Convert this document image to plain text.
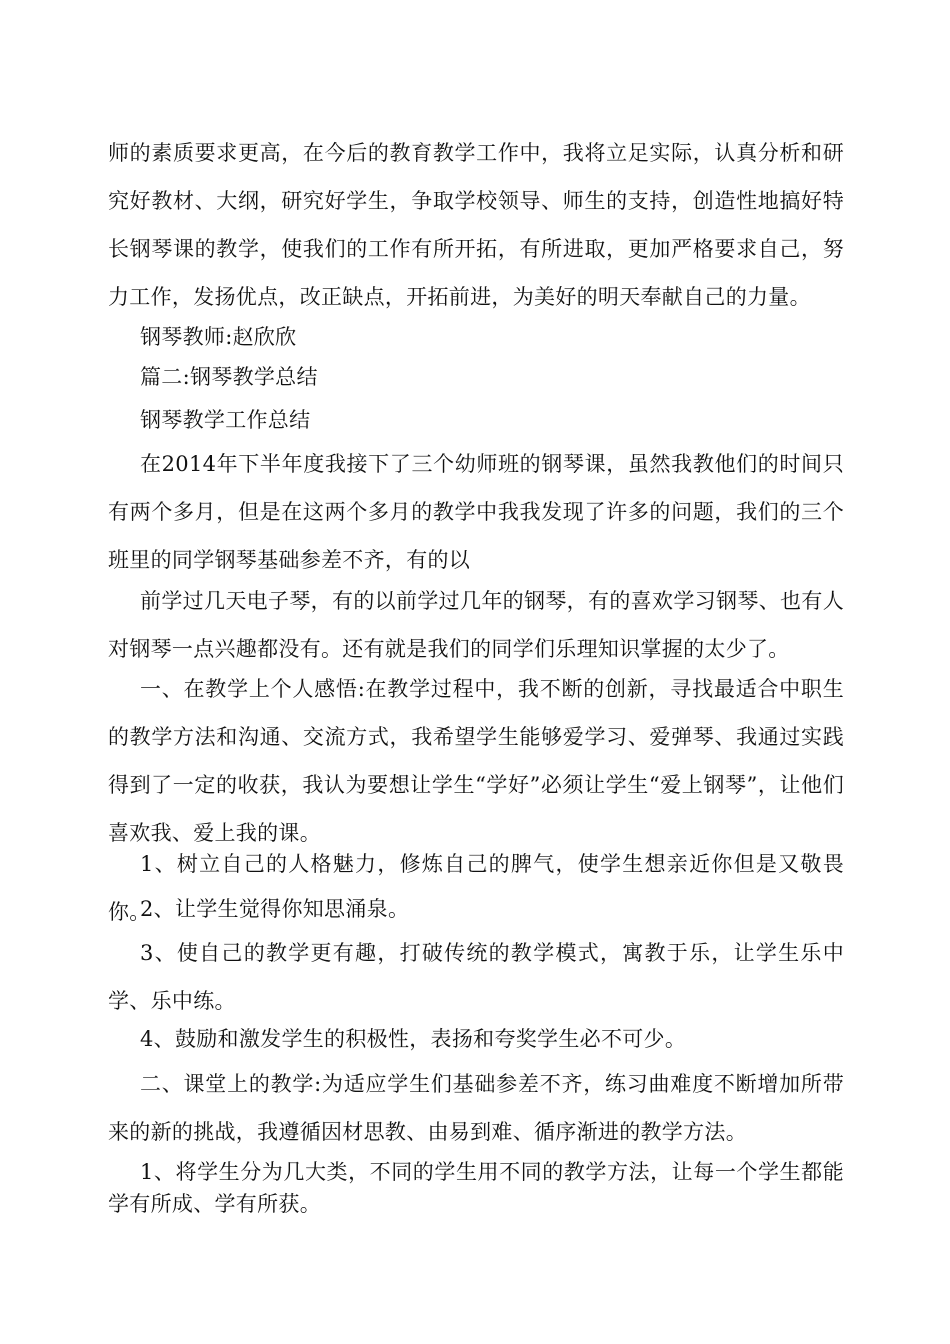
师的素质要求更高，在今后的教育教学工作中，我将立足实际，认真分析和研究好教材、大纲，研究好学生，争取学校领导、师生的支持，创造性地搞好特长钢琴课的教学，使我们的工作有所开拓，有所进取，更加严格要求自己，努力工作，发扬优点，改正缺点，开拓前进，为美好的明天奉献自己的力量。

钢琴教师:赵欣欣

篇二:钢琴教学总结

钢琴教学工作总结

在2014年下半年度我接下了三个幼师班的钢琴课，虽然我教他们的时间只有两个多月，但是在这两个多月的教学中我我发现了许多的问题，我们的三个班里的同学钢琴基础参差不齐，有的以

前学过几天电子琴，有的以前学过几年的钢琴，有的喜欢学习钢琴、也有人对钢琴一点兴趣都没有。还有就是我们的同学们乐理知识掌握的太少了。

一、在教学上个人感悟:在教学过程中，我不断的创新，寻找最适合中职生的教学方法和沟通、交流方式，我希望学生能够爱学习、爱弹琴、我通过实践得到了一定的收获，我认为要想让学生“学好”必须让学生“爱上钢琴”，让他们喜欢我、爱上我的课。

1、树立自己的人格魅力，修炼自己的脾气，使学生想亲近你但是又敬畏你。

2、让学生觉得你知思涌泉。

3、使自己的教学更有趣，打破传统的教学模式，寓教于乐，让学生乐中学、乐中练。

4、鼓励和激发学生的积极性，表扬和夸奖学生必不可少。

二、课堂上的教学:为适应学生们基础参差不齐，练习曲难度不断增加所带来的新的挑战，我遵循因材思教、由易到难、循序渐进的教学方法。

1、将学生分为几大类，不同的学生用不同的教学方法，让每一个学生都能学有所成、学有所获。
